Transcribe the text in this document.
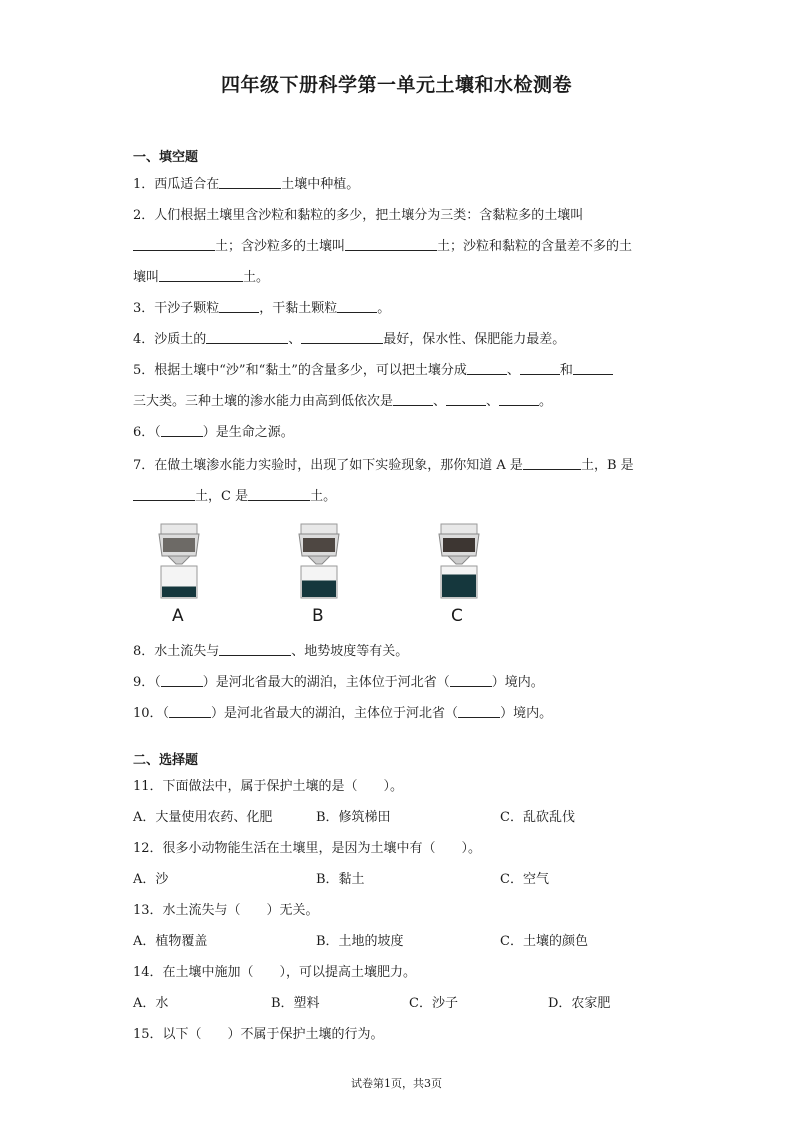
四年级下册科学第一单元土壤和水检测卷
一、填空题
1．西瓜适合在	土壤中种植。
2．人们根据土壤里含沙粒和黏粒的多少，把土壤分为三类：含黏粒多的土壤叫
土；含沙粒多的土壤叫	土；沙粒和黏粒的含量差不多的土
壤叫	土。
3．干沙子颗粒	，干黏土颗粒	。
4．沙质土的	、	最好，保水性、保肥能力最差。
5．根据土壤中“沙”和“黏土”的含量多少，可以把土壤分成	、	和
三大类。三种土壤的渗水能力由高到低依次是	、	、	。
6．（	）是生命之源。
7．在做土壤渗水能力实验时，出现了如下实验现象，那你知道 A 是	土，B 是
土，C 是	土。
A	B	C
8．水土流失与	、地势坡度等有关。
9．（	）是河北省最大的湖泊，主体位于河北省（	）境内。
10．（	）是河北省最大的湖泊，主体位于河北省（	）境内。
二、选择题
11．下面做法中，属于保护土壤的是（　　）。
A．大量使用农药、化肥	B．修筑梯田	C．乱砍乱伐
12．很多小动物能生活在土壤里，是因为土壤中有（　　）。
A．沙	B．黏土	C．空气
13．水土流失与（　　）无关。
A．植物覆盖	B．土地的坡度	C．土壤的颜色
14．在土壤中施加（　　），可以提高土壤肥力。
A．水	B．塑料	C．沙子	D．农家肥
15．以下（　　）不属于保护土壤的行为。
试卷第1页，共3页
